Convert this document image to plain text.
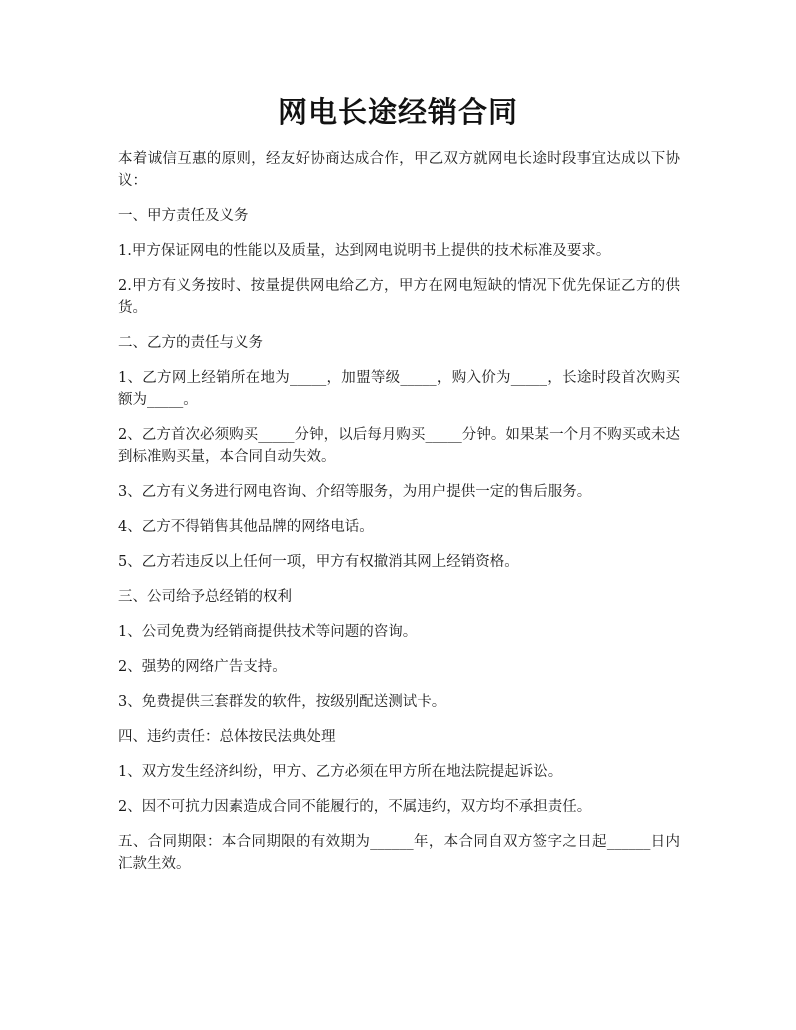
网电长途经销合同

本着诚信互惠的原则，经友好协商达成合作，甲乙双方就网电长途时段事宜达成以下协议：

一、甲方责任及义务

1.甲方保证网电的性能以及质量，达到网电说明书上提供的技术标准及要求。

2.甲方有义务按时、按量提供网电给乙方，甲方在网电短缺的情况下优先保证乙方的供货。

二、乙方的责任与义务

1、乙方网上经销所在地为_____，加盟等级_____，购入价为_____，长途时段首次购买额为_____。

2、乙方首次必须购买_____分钟，以后每月购买_____分钟。如果某一个月不购买或未达到标准购买量，本合同自动失效。

3、乙方有义务进行网电咨询、介绍等服务，为用户提供一定的售后服务。

4、乙方不得销售其他品牌的网络电话。

5、乙方若违反以上任何一项，甲方有权撤消其网上经销资格。

三、公司给予总经销的权利

1、公司免费为经销商提供技术等问题的咨询。

2、强势的网络广告支持。

3、免费提供三套群发的软件，按级别配送测试卡。

四、违约责任：总体按民法典处理

1、双方发生经济纠纷，甲方、乙方必须在甲方所在地法院提起诉讼。

2、因不可抗力因素造成合同不能履行的，不属违约，双方均不承担责任。

五、合同期限：本合同期限的有效期为______年，本合同自双方签字之日起______日内汇款生效。
